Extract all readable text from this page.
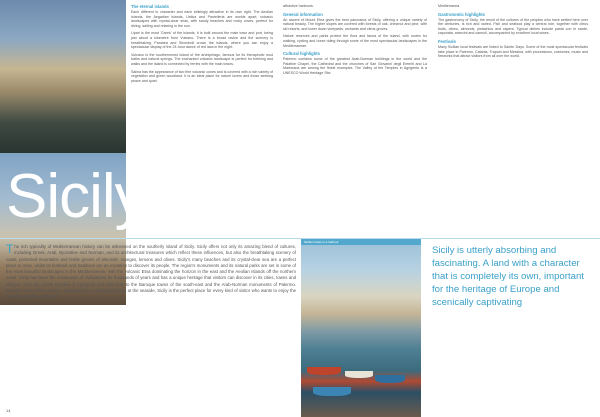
The eternal islands

Each different in character and each strikingly attractive in its own right. The Aeolian Islands, the Aegadian islands, Ustica and Pantelleria are worlds apart, volcanic landscapes with crystal-clear seas, with sandy beaches and rocky coves, perfect for diving, sailing and relaxing in the sun.

Lipari is the most 'Greek' of the islands, it is built around the main town and port, being just about a kilometre from Vulcano. There is a broad ravine and the scenery is breathtaking. Panarea and Stromboli crown the islands, where you can enjoy a spectacular display of the 24-hour dance of red lava in the night.

Vulcano is the southernmost island of the archipelago, famous for its therapeutic mud baths and natural springs. The enchanted volcanic landscape is perfect for trekking and walks and the island is connected by ferries with the main towns.

Salina has the appearance of two fine volcanic cones and is covered with a rich variety of vegetation and green woodland. It is an ideal place for nature lovers and those seeking peace and quiet.

attractive harbours.

General information

An ascent of Mount Etna gives the best panorama of Sicily, offering a unique variety of natural beauty. The higher slopes are covered with forests of oak, chestnut and pine, with ski resorts, and lower down vineyards, orchards and citrus groves.

Nature reserves and parks protect the flora and fauna of the island, with routes for walking, cycling and horse riding through some of the most spectacular landscapes in the Mediterranean.

Cultural highlights

Palermo contains some of the greatest Arab-Norman buildings in the world and the Palatine Chapel, the Cathedral and the churches of San Giovanni degli Eremiti and La Martorana are among the finest examples. The Valley of the Temples in Agrigento is a UNESCO World Heritage Site.

Mediterranea.

Gastronomic highlights

The gastronomy of Sicily, the result of the cultures of the peoples who have settled here over the centuries, is rich and varied. Fish and seafood play a central role, together with citrus fruits, olives, almonds, pistachios and capers. Typical dishes include pasta con le sarde, caponata, arancini and cannoli, accompanied by excellent local wines.

Festivals

Many Sicilian local festivals are linked to Saints' Days. Some of the most spectacular festivals take place in Palermo, Catania, Trapani and Messina, with processions, costumes, music and fireworks that attract visitors from all over the world.

Sicilyand the
The rich typicality of Mediterranean history can be witnessed on the southerly island of Sicily. Sicily offers not only its amazing blend of cultures, including Greek, Arab, Byzantine and Norman, and its architectural treasures which reflect these influences, but also the breathtaking scenery of coast, protected mountains and fertile groves of almonds, oranges, lemons and olives. Sicily's many beaches and its crystal-clear sea are a perfect place to relax, whilst its festivals and traditions are an invitation to discover its people. The region's monuments and its natural parks are set in some of the most beautiful landscapes in the Mediterranean, with the volcanic Etna dominating the horizon in the east and the Aeolian Islands off the northern coast. Sicily has been the crossroads of civilisations for thousands of years and has a unique heritage that visitors can discover in its cities, towns and villages, from the Greek temples of Agrigento and Selinunte to the Baroque towns of the south-east and the Arab-Norman monuments of Palermo. Whether it be culture, nature, gastronomy or a relaxing holiday at the seaside, Sicily is the perfect place for every kind of visitor who wants to enjoy the island at any time of the year.
Sicilian boats in a harbour
Sicily is utterly absorbing and fascinating. A land with a character that is completely its own, important for the heritage of Europe and scenically captivating
14
